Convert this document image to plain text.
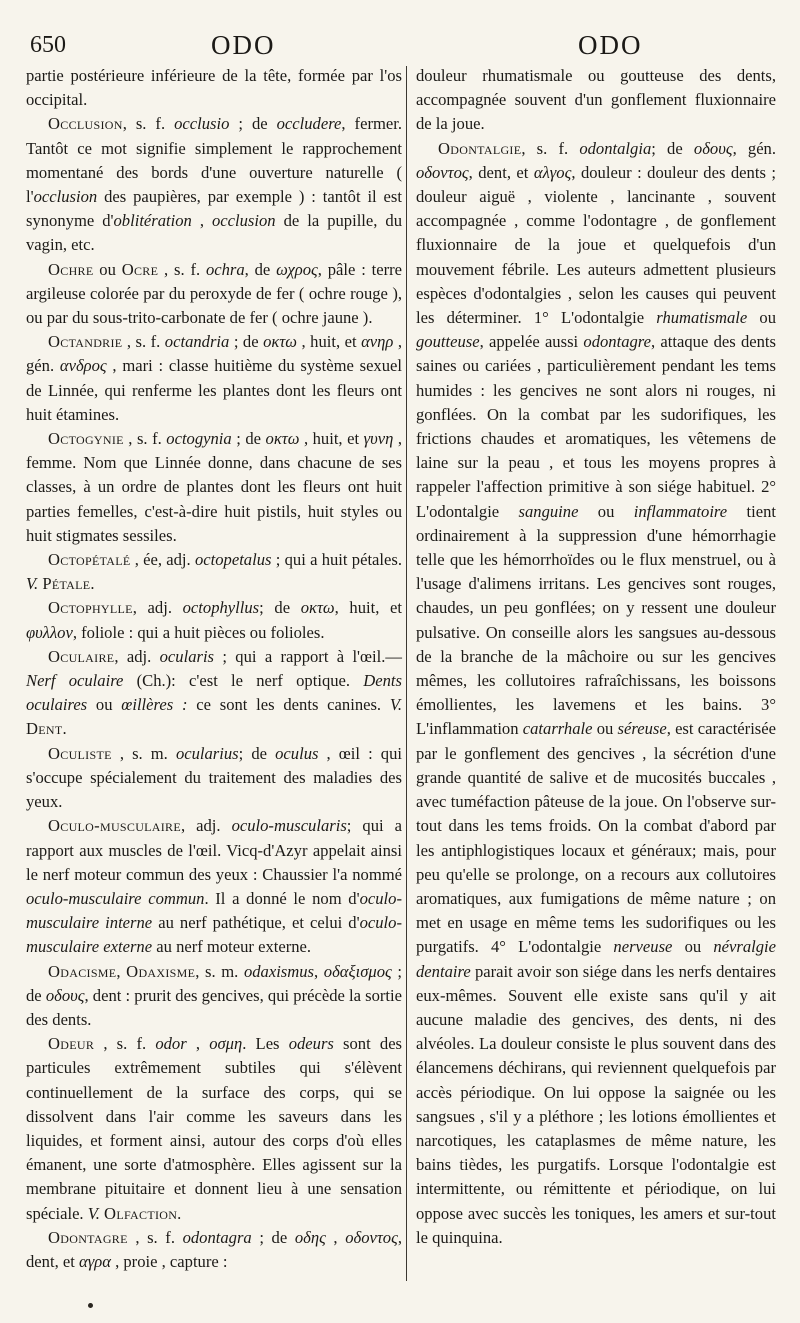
650	ODO	ODO

partie postérieure inférieure de la tête, formée par l'os occipital.

Occlusion, s. f. occlusio ; de occludere, fermer. Tantôt ce mot signifie simplement le rapprochement momentané des bords d'une ouverture naturelle ( l'occlusion des paupières, par exemple ) : tantôt il est synonyme d'oblitération , occlusion de la pupille, du vagin, etc.

Ochre ou Ocre , s. f. ochra, de ωχρος, pâle : terre argileuse colorée par du peroxyde de fer ( ochre rouge ), ou par du sous-trito-carbonate de fer ( ochre jaune ).

Octandrie , s. f. octandria ; de οκτω , huit, et ανηρ , gén. ανδρος , mari : classe huitième du système sexuel de Linnée, qui renferme les plantes dont les fleurs ont huit étamines.

Octogynie , s. f. octogynia ; de οκτω , huit, et γυνη , femme. Nom que Linnée donne, dans chacune de ses classes, à un ordre de plantes dont les fleurs ont huit parties femelles, c'est-à-dire huit pistils, huit styles ou huit stigmates sessiles.

Octopétalé , ée, adj. octopetalus ; qui a huit pétales. V. Pétale.

Octophylle, adj. octophyllus; de οκτω, huit, et φυλλον, foliole : qui a huit pièces ou folioles.

Oculaire, adj. ocularis ; qui a rapport à l'œil.— Nerf oculaire (Ch.): c'est le nerf optique. Dents oculaires ou œillères : ce sont les dents canines. V. Dent.

Oculiste , s. m. ocularius; de oculus , œil : qui s'occupe spécialement du traitement des maladies des yeux.

Oculo-musculaire, adj. oculo-muscularis; qui a rapport aux muscles de l'œil. Vicq-d'Azyr appelait ainsi le nerf moteur commun des yeux : Chaussier l'a nommé oculo-musculaire commun. Il a donné le nom d'oculo-musculaire interne au nerf pathétique, et celui d'oculo-musculaire externe au nerf moteur externe.

Odacisme, Odaxisme, s. m. odaxismus, οδαξισμος ; de οδους, dent : prurit des gencives, qui précède la sortie des dents.

Odeur , s. f. odor , οσμη. Les odeurs sont des particules extrêmement subtiles qui s'élèvent continuellement de la surface des corps, qui se dissolvent dans l'air comme les saveurs dans les liquides, et forment ainsi, autour des corps d'où elles émanent, une sorte d'atmosphère. Elles agissent sur la membrane pituitaire et donnent lieu à une sensation spéciale. V. Olfaction.

Odontagre , s. f. odontagra ; de οδης , οδοντος, dent, et αγρα , proie , capture :

douleur rhumatismale ou goutteuse des dents, accompagnée souvent d'un gonflement fluxionnaire de la joue.

Odontalgie, s. f. odontalgia; de οδους, gén. οδοντος, dent, et αλγος, douleur : douleur des dents ; douleur aiguë , violente , lancinante , souvent accompagnée , comme l'odontagre , de gonflement fluxionnaire de la joue et quelquefois d'un mouvement fébrile. Les auteurs admettent plusieurs espèces d'odontalgies , selon les causes qui peuvent les déterminer. 1° L'odontalgie rhumatismale ou goutteuse, appelée aussi odontagre, attaque des dents saines ou cariées , particulièrement pendant les tems humides : les gencives ne sont alors ni rouges, ni gonflées. On la combat par les sudorifiques, les frictions chaudes et aromatiques, les vêtemens de laine sur la peau , et tous les moyens propres à rappeler l'affection primitive à son siége habituel. 2° L'odontalgie sanguine ou inflammatoire tient ordinairement à la suppression d'une hémorrhagie telle que les hémorrhoïdes ou le flux menstruel, ou à l'usage d'alimens irritans. Les gencives sont rouges, chaudes, un peu gonflées; on y ressent une douleur pulsative. On conseille alors les sangsues au-dessous de la branche de la mâchoire ou sur les gencives mêmes, les collutoires rafraîchissans, les boissons émollientes, les lavemens et les bains. 3° L'inflammation catarrhale ou séreuse, est caractérisée par le gonflement des gencives , la sécrétion d'une grande quantité de salive et de mucosités buccales , avec tuméfaction pâteuse de la joue. On l'observe sur-tout dans les tems froids. On la combat d'abord par les antiphlogistiques locaux et généraux; mais, pour peu qu'elle se prolonge, on a recours aux collutoires aromatiques, aux fumigations de même nature ; on met en usage en même tems les sudorifiques ou les purgatifs. 4° L'odontalgie nerveuse ou névralgie dentaire parait avoir son siége dans les nerfs dentaires eux-mêmes. Souvent elle existe sans qu'il y ait aucune maladie des gencives, des dents, ni des alvéoles. La douleur consiste le plus souvent dans des élancemens déchirans, qui reviennent quelquefois par accès périodique. On lui oppose la saignée ou les sangsues , s'il y a pléthore ; les lotions émollientes et narcotiques, les cataplasmes de même nature, les bains tièdes, les purgatifs. Lorsque l'odontalgie est intermittente, ou rémittente et périodique, on lui oppose avec succès les toniques, les amers et sur-tout le quinquina.
